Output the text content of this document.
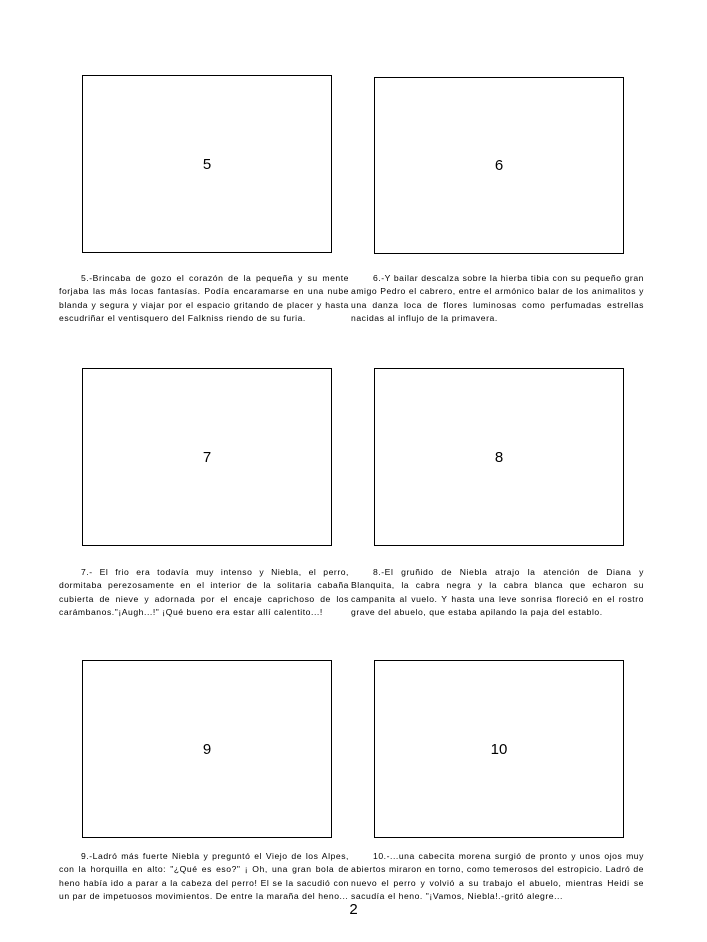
5

5.-Brincaba de gozo el corazón de la pequeña y su mente forjaba las más locas fantasías. Podía encaramarse en una nube blanda y segura y viajar por el espacio gritando de placer y hasta escudriñar el ventisquero del Falkniss riendo de su furia.

6

6.-Y bailar descalza sobre la hierba tibia con su pequeño gran amigo Pedro el cabrero, entre el armónico balar de los animalitos y una danza loca de flores luminosas como perfumadas estrellas nacidas al influjo de la primavera.

7

7.- El frio era todavía muy intenso y Niebla, el perro, dormitaba perezosamente en el interior de la solitaria cabaña cubierta de nieve y adornada por el encaje caprichoso de los carámbanos."¡Augh...!" ¡Qué bueno era estar allí calentito...!

8

8.-El gruñido de Niebla atrajo la atención de Diana y Blanquita, la cabra negra y la cabra blanca que echaron su campanita al vuelo. Y hasta una leve sonrisa floreció en el rostro grave del abuelo, que estaba apilando la paja del establo.

9

9.-Ladró más fuerte Niebla y preguntó el Viejo de los Alpes, con la horquilla en alto: "¿Qué es eso?" ¡ Oh, una gran bola de heno había ido a parar a la cabeza del perro! El se la sacudió con un par de impetuosos movimientos. De entre la maraña del heno...

10

10.-...una cabecita morena surgió de pronto y unos ojos muy abiertos miraron en torno, como temerosos del estropicio. Ladró de nuevo el perro y volvió a su trabajo el abuelo, mientras Heidi se sacudía el heno. "¡Vamos, Niebla!.-gritó alegre...

2
